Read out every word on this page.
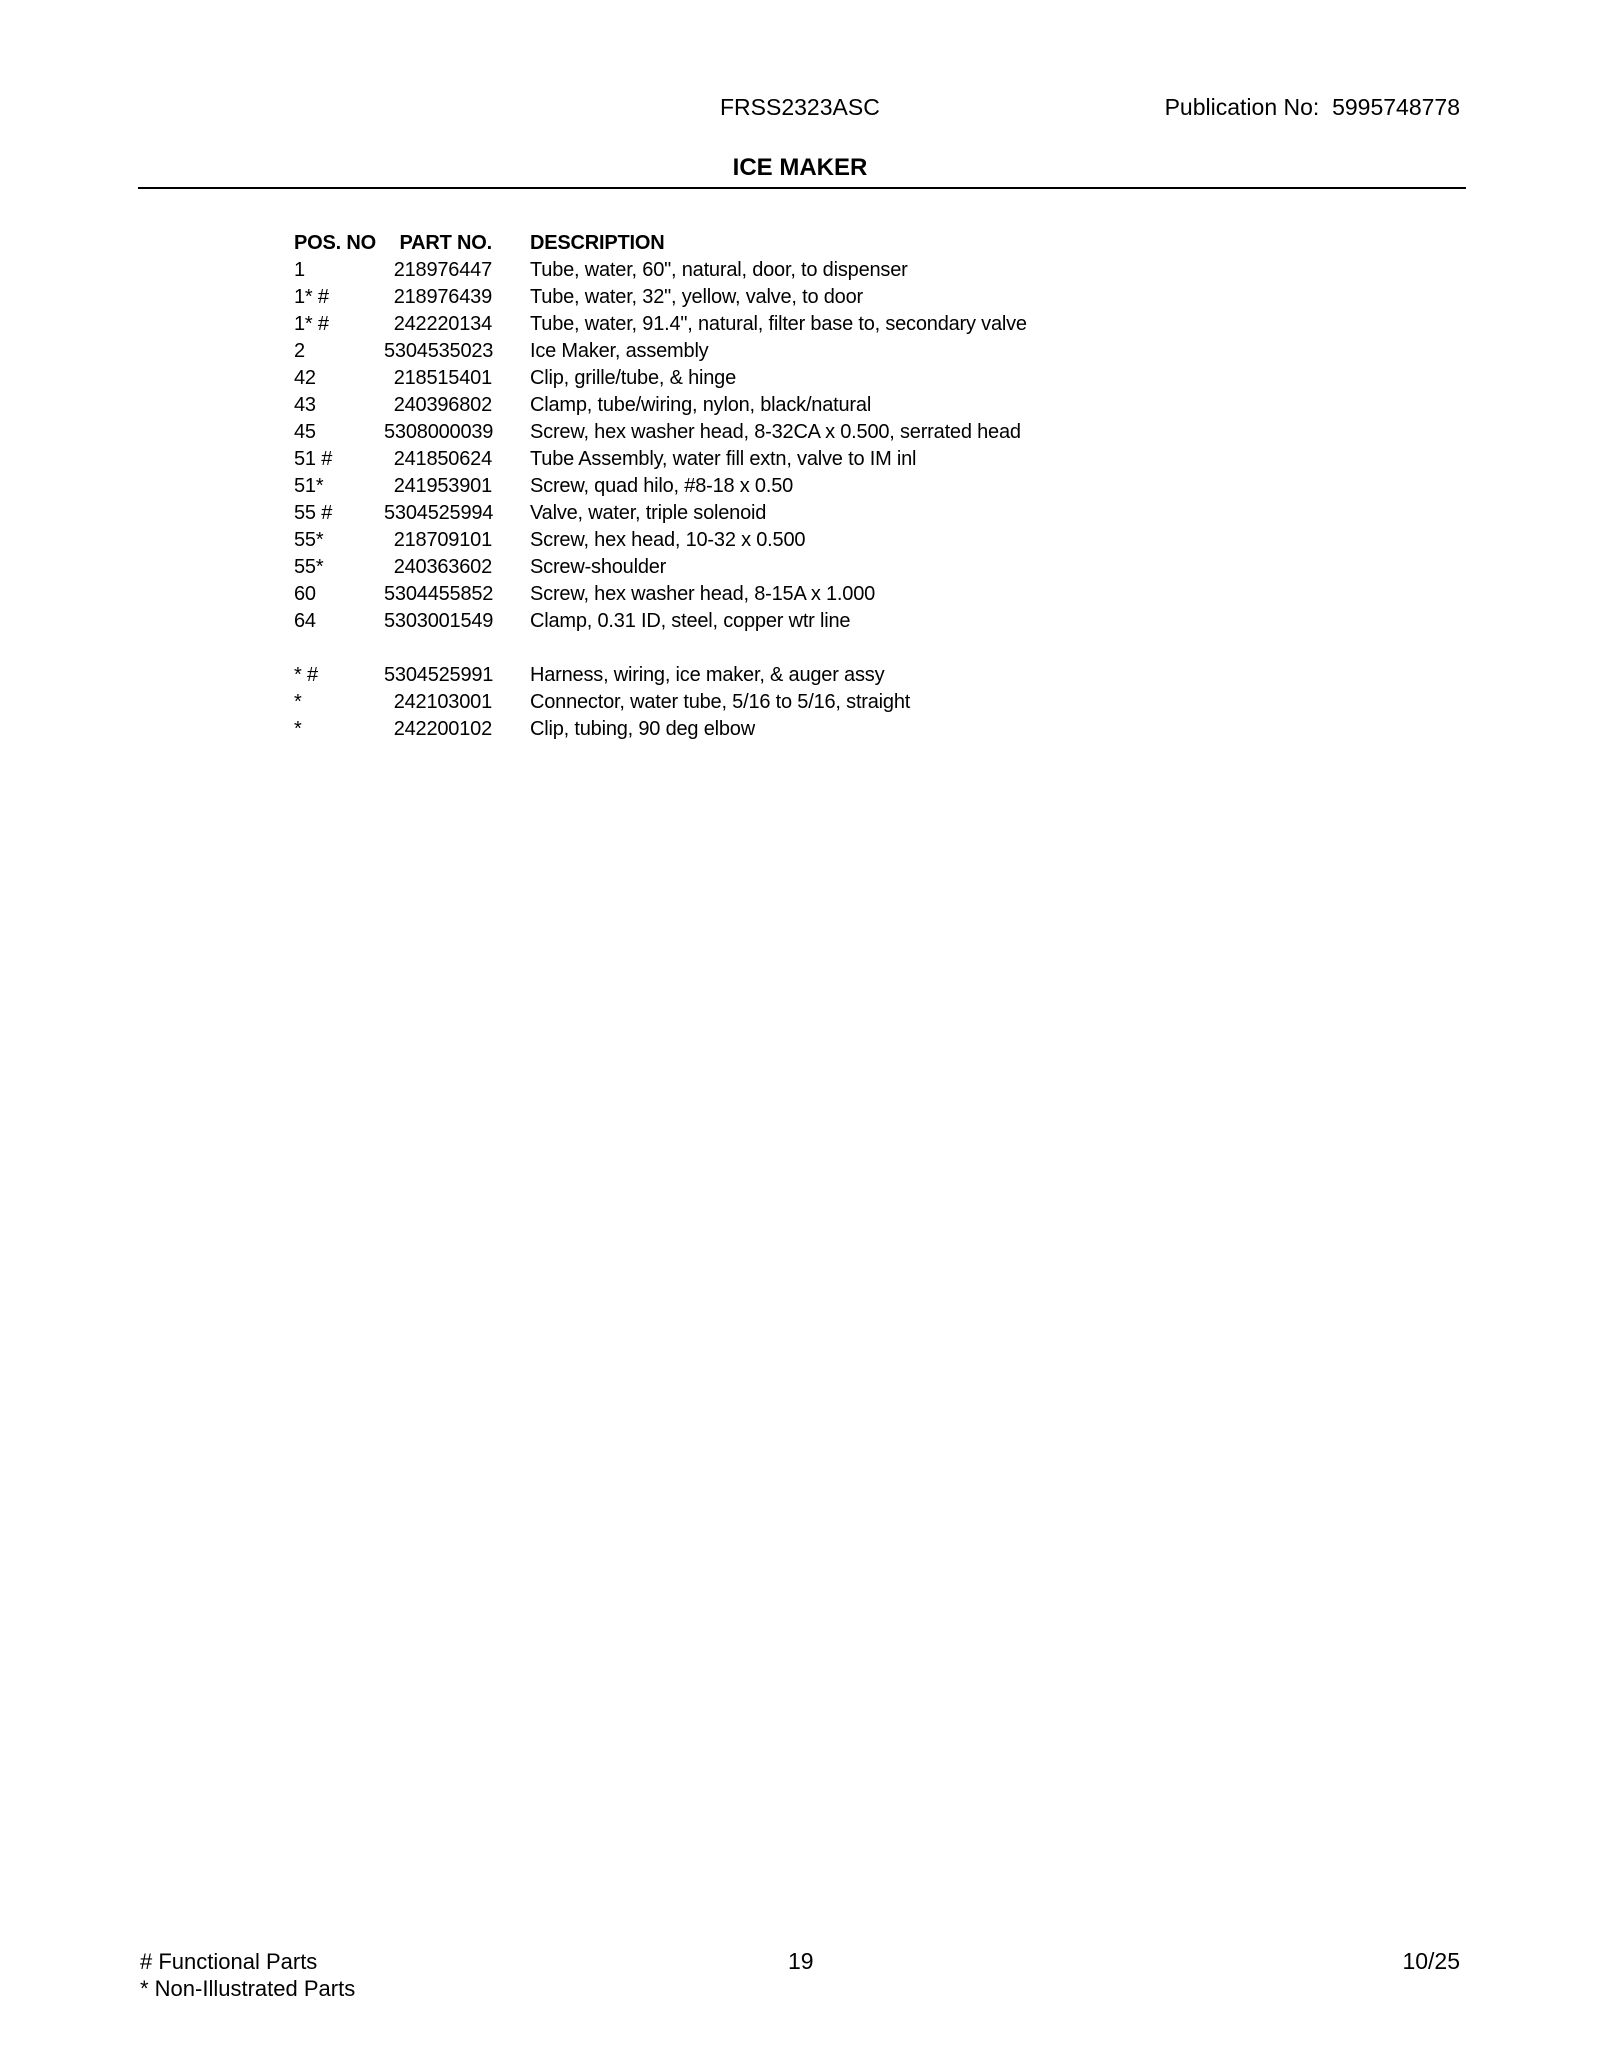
FRSS2323ASC	Publication No:  5995748778
ICE MAKER
POS. NO	PART NO.	DESCRIPTION
1	218976447	Tube, water, 60", natural, door, to dispenser
1* #	218976439	Tube, water, 32", yellow, valve, to door
1* #	242220134	Tube, water, 91.4", natural, filter base to, secondary valve
2	5304535023	Ice Maker, assembly
42	218515401	Clip, grille/tube, & hinge
43	240396802	Clamp, tube/wiring, nylon, black/natural
45	5308000039	Screw, hex washer head, 8-32CA x 0.500, serrated head
51 #	241850624	Tube Assembly, water fill extn, valve to IM inl
51*	241953901	Screw, quad hilo, #8-18 x 0.50
55 #	5304525994	Valve, water, triple solenoid
55*	218709101	Screw, hex head, 10-32 x 0.500
55*	240363602	Screw-shoulder
60	5304455852	Screw, hex washer head, 8-15A x 1.000
64	5303001549	Clamp, 0.31 ID, steel, copper wtr line
* #	5304525991	Harness, wiring, ice maker, & auger assy
*	242103001	Connector, water tube, 5/16 to 5/16, straight
*	242200102	Clip, tubing, 90 deg elbow
# Functional Parts
* Non-Illustrated Parts
19	10/25
